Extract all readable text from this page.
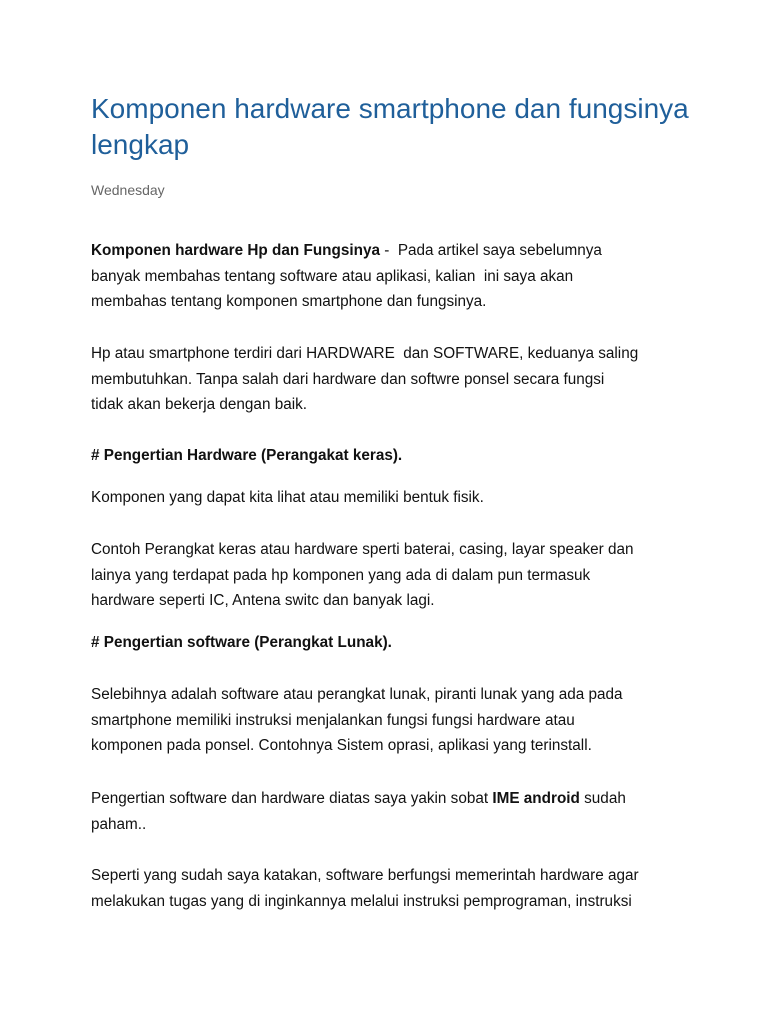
Komponen hardware smartphone dan fungsinya lengkap
Wednesday

Komponen hardware Hp dan Fungsinya -  Pada artikel saya sebelumnya
banyak membahas tentang software atau aplikasi, kalian  ini saya akan
membahas tentang komponen smartphone dan fungsinya.

Hp atau smartphone terdiri dari HARDWARE  dan SOFTWARE, keduanya saling
membutuhkan. Tanpa salah dari hardware dan softwre ponsel secara fungsi
tidak akan bekerja dengan baik.

# Pengertian Hardware (Perangakat keras).

Komponen yang dapat kita lihat atau memiliki bentuk fisik.

Contoh Perangkat keras atau hardware sperti baterai, casing, layar speaker dan
lainya yang terdapat pada hp komponen yang ada di dalam pun termasuk
hardware seperti IC, Antena switc dan banyak lagi.

# Pengertian software (Perangkat Lunak).

Selebihnya adalah software atau perangkat lunak, piranti lunak yang ada pada
smartphone memiliki instruksi menjalankan fungsi fungsi hardware atau
komponen pada ponsel. Contohnya Sistem oprasi, aplikasi yang terinstall.

Pengertian software dan hardware diatas saya yakin sobat IME android sudah
paham..

Seperti yang sudah saya katakan, software berfungsi memerintah hardware agar
melakukan tugas yang di inginkannya melalui instruksi pemprograman, instruksi
